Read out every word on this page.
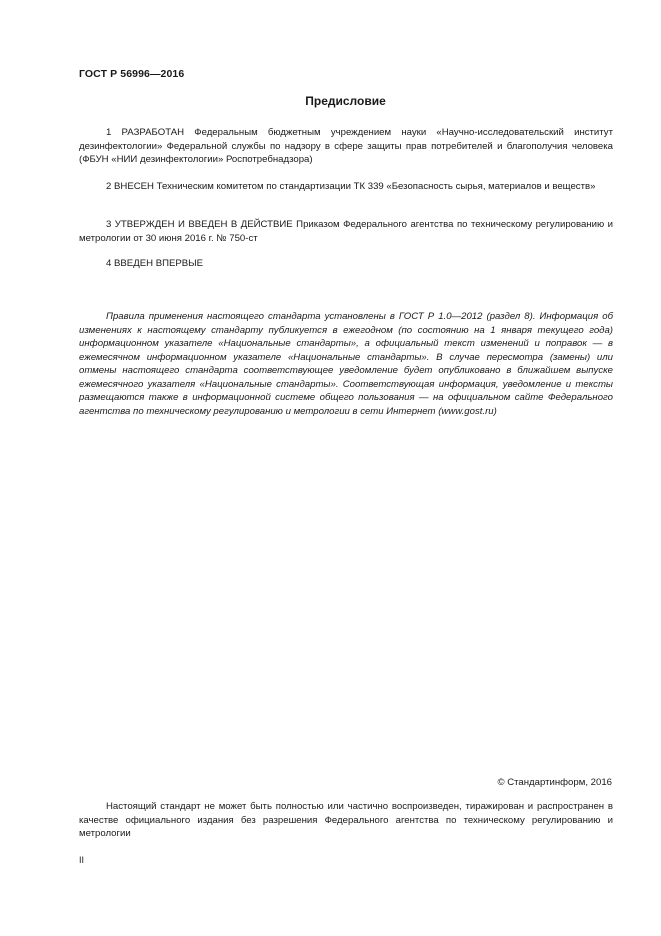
ГОСТ Р 56996—2016
Предисловие

1 РАЗРАБОТАН Федеральным бюджетным учреждением науки «Научно-исследовательский институт дезинфектологии» Федеральной службы по надзору в сфере защиты прав потребителей и благополучия человека (ФБУН «НИИ дезинфектологии» Роспотребнадзора)

2 ВНЕСЕН Техническим комитетом по стандартизации ТК 339 «Безопасность сырья, материалов и веществ»

3 УТВЕРЖДЕН И ВВЕДЕН В ДЕЙСТВИЕ Приказом Федерального агентства по техническому регулированию и метрологии от 30 июня 2016 г. № 750-ст

4 ВВЕДЕН ВПЕРВЫЕ

Правила применения настоящего стандарта установлены в ГОСТ Р 1.0—2012 (раздел 8). Информация об изменениях к настоящему стандарту публикуется в ежегодном (по состоянию на 1 января текущего года) информационном указателе «Национальные стандарты», а официальный текст изменений и поправок — в ежемесячном информационном указателе «Национальные стандарты». В случае пересмотра (замены) или отмены настоящего стандарта соответствующее уведомление будет опубликовано в ближайшем выпуске ежемесячного указателя «Национальные стандарты». Соответствующая информация, уведомление и тексты размещаются также в информационной системе общего пользования — на официальном сайте Федерального агентства по техническому регулированию и метрологии в сети Интернет (www.gost.ru)

© Стандартинформ, 2016

Настоящий стандарт не может быть полностью или частично воспроизведен, тиражирован и распространен в качестве официального издания без разрешения Федерального агентства по техническому регулированию и метрологии

II
